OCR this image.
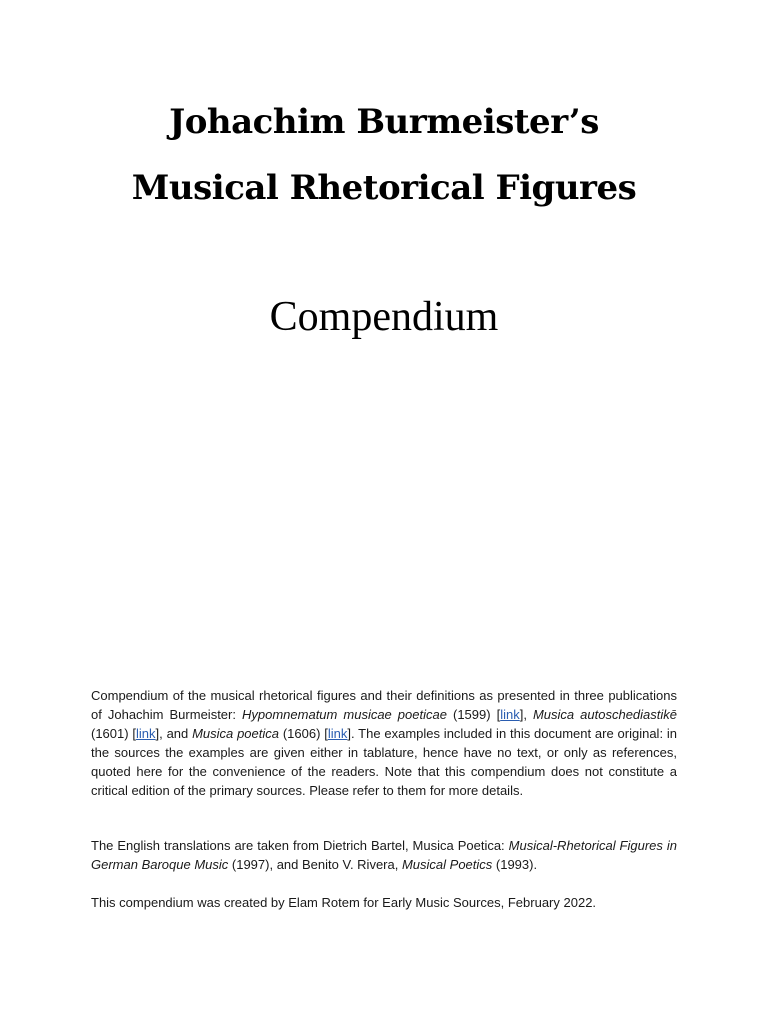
Johachim Burmeister’s
Musical Rhetorical Figures
Compendium

Compendium of the musical rhetorical figures and their definitions as presented in three publications of Johachim Burmeister: Hypomnematum musicae poeticae (1599) [link], Musica autoschediastikē (1601) [link], and Musica poetica (1606) [link]. The examples included in this document are original: in the sources the examples are given either in tablature, hence have no text, or only as references, quoted here for the convenience of the readers. Note that this compendium does not constitute a critical edition of the primary sources. Please refer to them for more details.

The English translations are taken from Dietrich Bartel, Musica Poetica: Musical-Rhetorical Figures in German Baroque Music (1997), and Benito V. Rivera, Musical Poetics (1993).

This compendium was created by Elam Rotem for Early Music Sources, February 2022.
